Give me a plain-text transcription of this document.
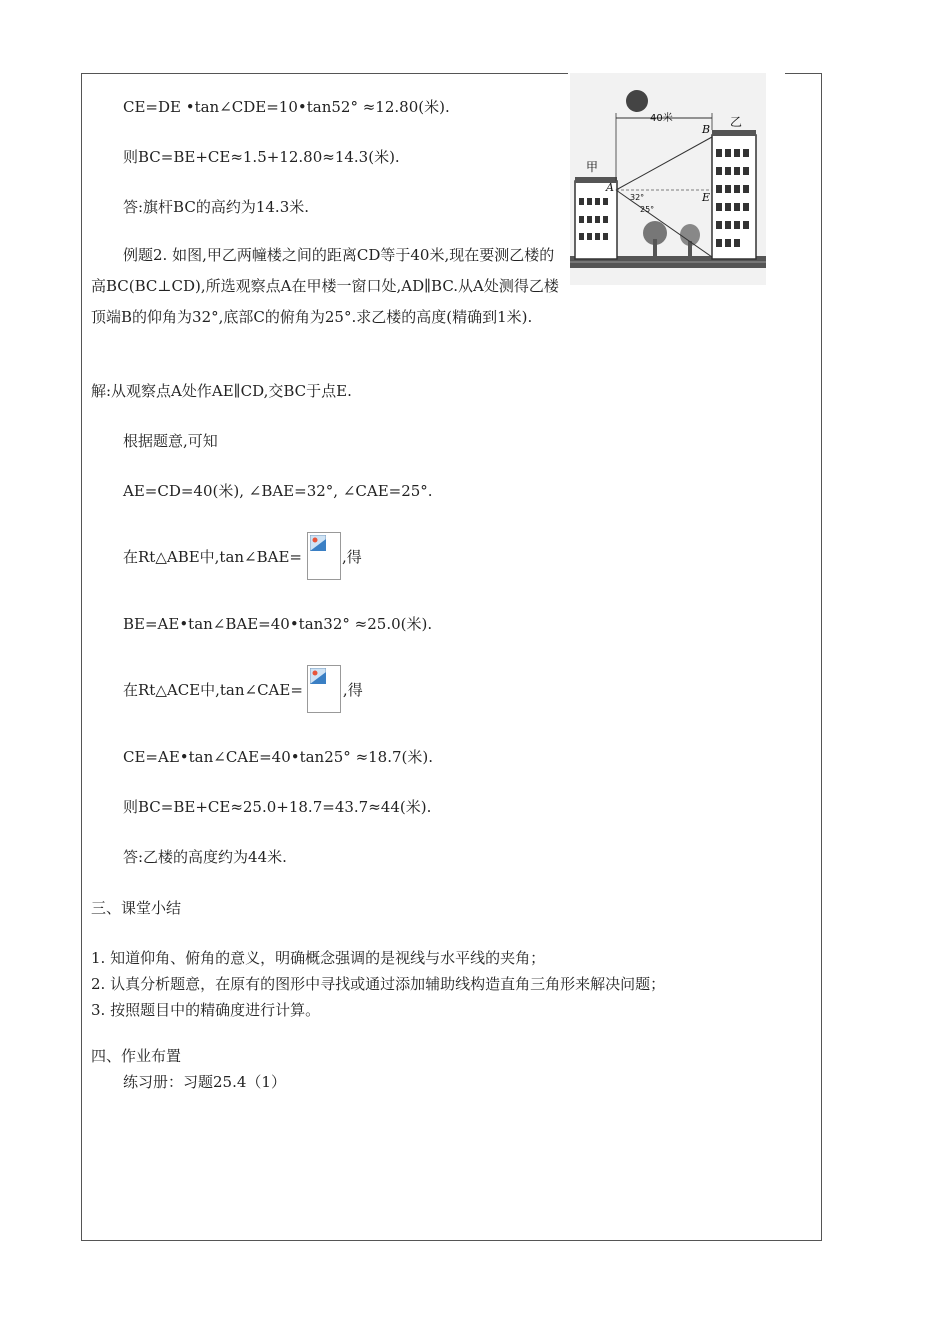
40米
甲
乙
A
B
E
32°
25°
CE=DE •tan∠CDE=10•tan52° ≈12.80(米).
则BC=BE+CE≈1.5+12.80≈14.3(米).
答:旗杆BC的高约为14.3米.
例题2. 如图,甲乙两幢楼之间的距离CD等于40米,现在要测乙楼的高BC(BC⊥CD),所选观察点A在甲楼一窗口处,AD∥BC.从A处测得乙楼顶端B的仰角为32°,底部C的俯角为25°.求乙楼的高度(精确到1米).
解:从观察点A处作AE∥CD,交BC于点E.
根据题意,可知
AE=CD=40(米), ∠BAE=32°, ∠CAE=25°.
在Rt△ABE中,tan∠BAE=	,得
BE=AE•tan∠BAE=40•tan32° ≈25.0(米).
在Rt△ACE中,tan∠CAE=	,得
CE=AE•tan∠CAE=40•tan25° ≈18.7(米).
则BC=BE+CE≈25.0+18.7=43.7≈44(米).
答:乙楼的高度约为44米.
三、课堂小结
1. 知道仰角、俯角的意义，明确概念强调的是视线与水平线的夹角；
2. 认真分析题意，在原有的图形中寻找或通过添加辅助线构造直角三角形来解决问题；
3. 按照题目中的精确度进行计算。
四、作业布置
练习册：习题25.4（1）
